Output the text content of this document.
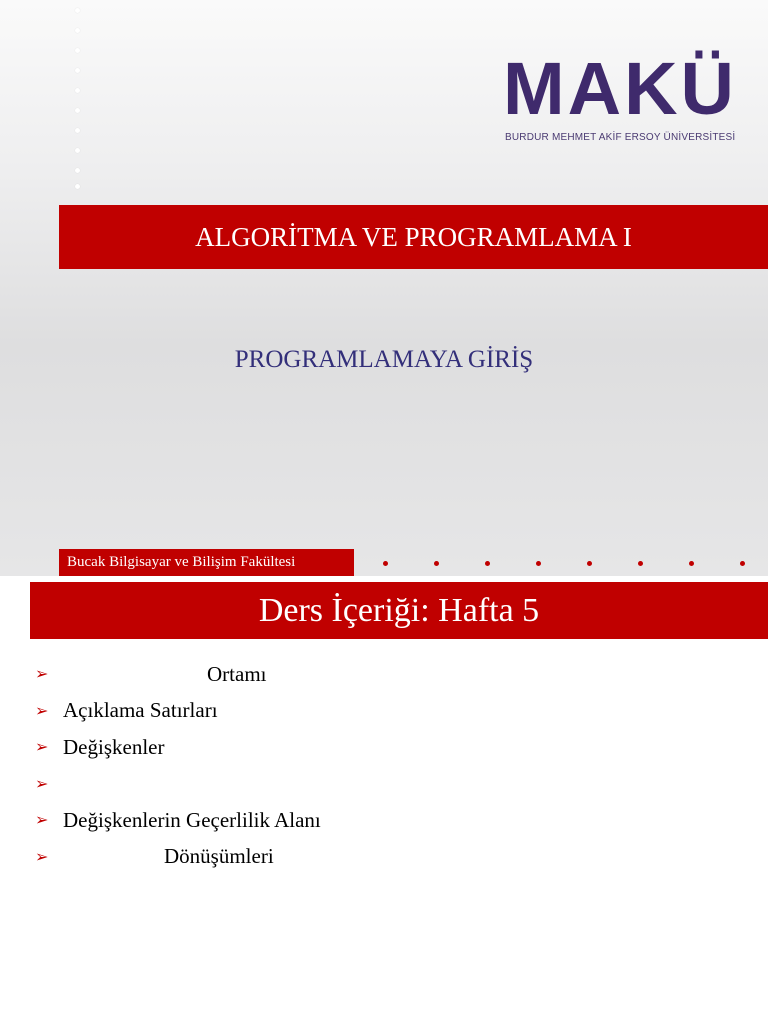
MAKÜ
BURDUR MEHMET AKİF ERSOY ÜNİVERSİTESİ
ALGORİTMA VE PROGRAMLAMA I
PROGRAMLAMAYA GİRİŞ
Bucak Bilgisayar ve Bilişim Fakültesi
Ders İçeriği: Hafta 5
➢	Ortamı
➢ Açıklama Satırları
➢ Değişkenler
➢
➢ Değişkenlerin Geçerlilik Alanı
➢	Dönüşümleri
